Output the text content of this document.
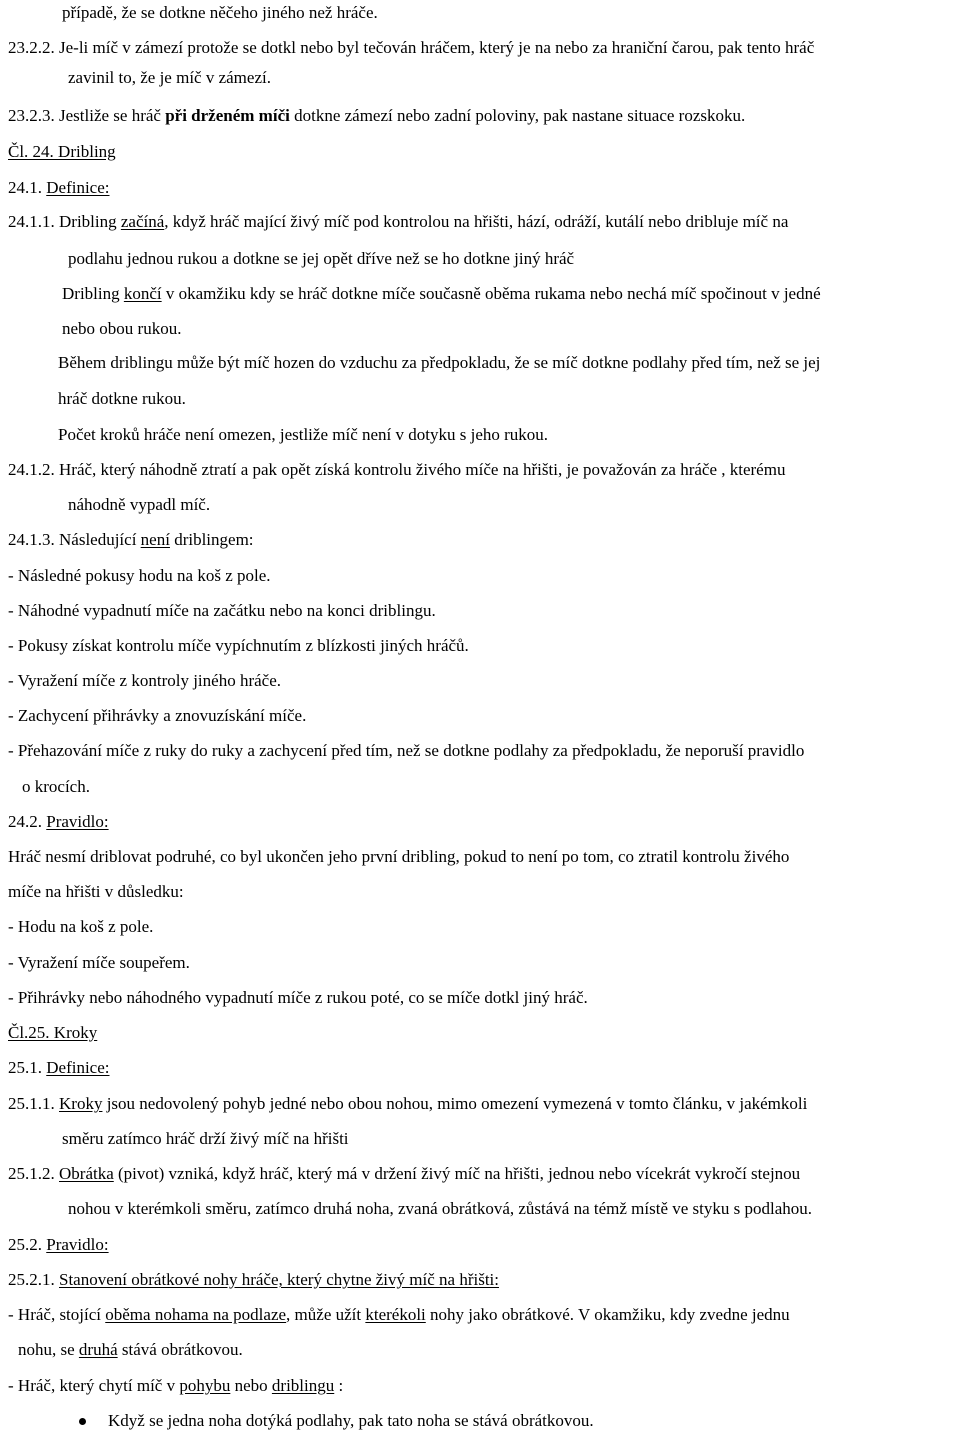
případě, že se dotkne něčeho jiného než hráče.
23.2.2. Je-li míč v zámezí protože se dotkl nebo byl tečován hráčem, který je na nebo za hraniční čarou, pak tento hráč
zavinil to, že je míč v zámezí.
23.2.3. Jestliže se hráč při drženém míči dotkne zámezí nebo zadní poloviny, pak nastane situace rozskoku.
Čl. 24. Dribling
24.1. Definice:
24.1.1. Dribling začíná, když hráč mající živý míč pod kontrolou na hřišti, hází, odráží, kutálí nebo dribluje míč na
podlahu jednou rukou a dotkne se jej opět dříve než se ho dotkne jiný hráč
Dribling končí v okamžiku kdy se hráč dotkne míče současně oběma rukama nebo nechá míč spočinout v jedné
nebo obou rukou.
Během driblingu může být míč hozen do vzduchu za předpokladu, že se míč dotkne podlahy před tím, než se jej
hráč dotkne rukou.
Počet kroků hráče není omezen, jestliže míč není v dotyku s jeho rukou.
24.1.2. Hráč, který náhodně ztratí a pak opět získá kontrolu živého míče na hřišti, je považován za hráče , kterému
náhodně vypadl míč.
24.1.3. Následující není driblingem:
- Následné pokusy hodu na koš z pole.
- Náhodné vypadnutí míče na začátku nebo na konci driblingu.
- Pokusy získat kontrolu míče vypíchnutím z blízkosti jiných hráčů.
- Vyražení míče z kontroly jiného hráče.
- Zachycení přihrávky a znovuzískání míče.
- Přehazování míče z ruky do ruky a zachycení před tím, než se dotkne podlahy za předpokladu, že neporuší pravidlo
o krocích.
24.2. Pravidlo:
Hráč nesmí driblovat podruhé, co byl ukončen jeho první dribling, pokud to není po tom, co ztratil kontrolu živého
míče na hřišti v důsledku:
- Hodu na koš z pole.
- Vyražení míče soupeřem.
- Přihrávky nebo náhodného vypadnutí míče z rukou poté, co se míče dotkl jiný hráč.
Čl.25. Kroky
25.1. Definice:
25.1.1. Kroky jsou nedovolený pohyb jedné nebo obou nohou, mimo omezení vymezená v tomto článku, v jakémkoli
směru zatímco hráč drží živý míč na hřišti
25.1.2. Obrátka (pivot) vzniká, když hráč, který má v držení živý míč na hřišti, jednou nebo vícekrát vykročí stejnou
nohou v kterémkoli směru, zatímco druhá noha, zvaná obrátková, zůstává na témž místě ve styku s podlahou.
25.2. Pravidlo:
25.2.1. Stanovení obrátkové nohy hráče, který chytne živý míč na hřišti:
- Hráč, stojící oběma nohama na podlaze, může užít kterékoli nohy jako obrátkové. V okamžiku, kdy zvedne jednu
nohu, se druhá stává obrátkovou.
- Hráč, který chytí míč v pohybu nebo driblingu :
Když se jedna noha dotýká podlahy, pak tato noha se stává obrátkovou.
